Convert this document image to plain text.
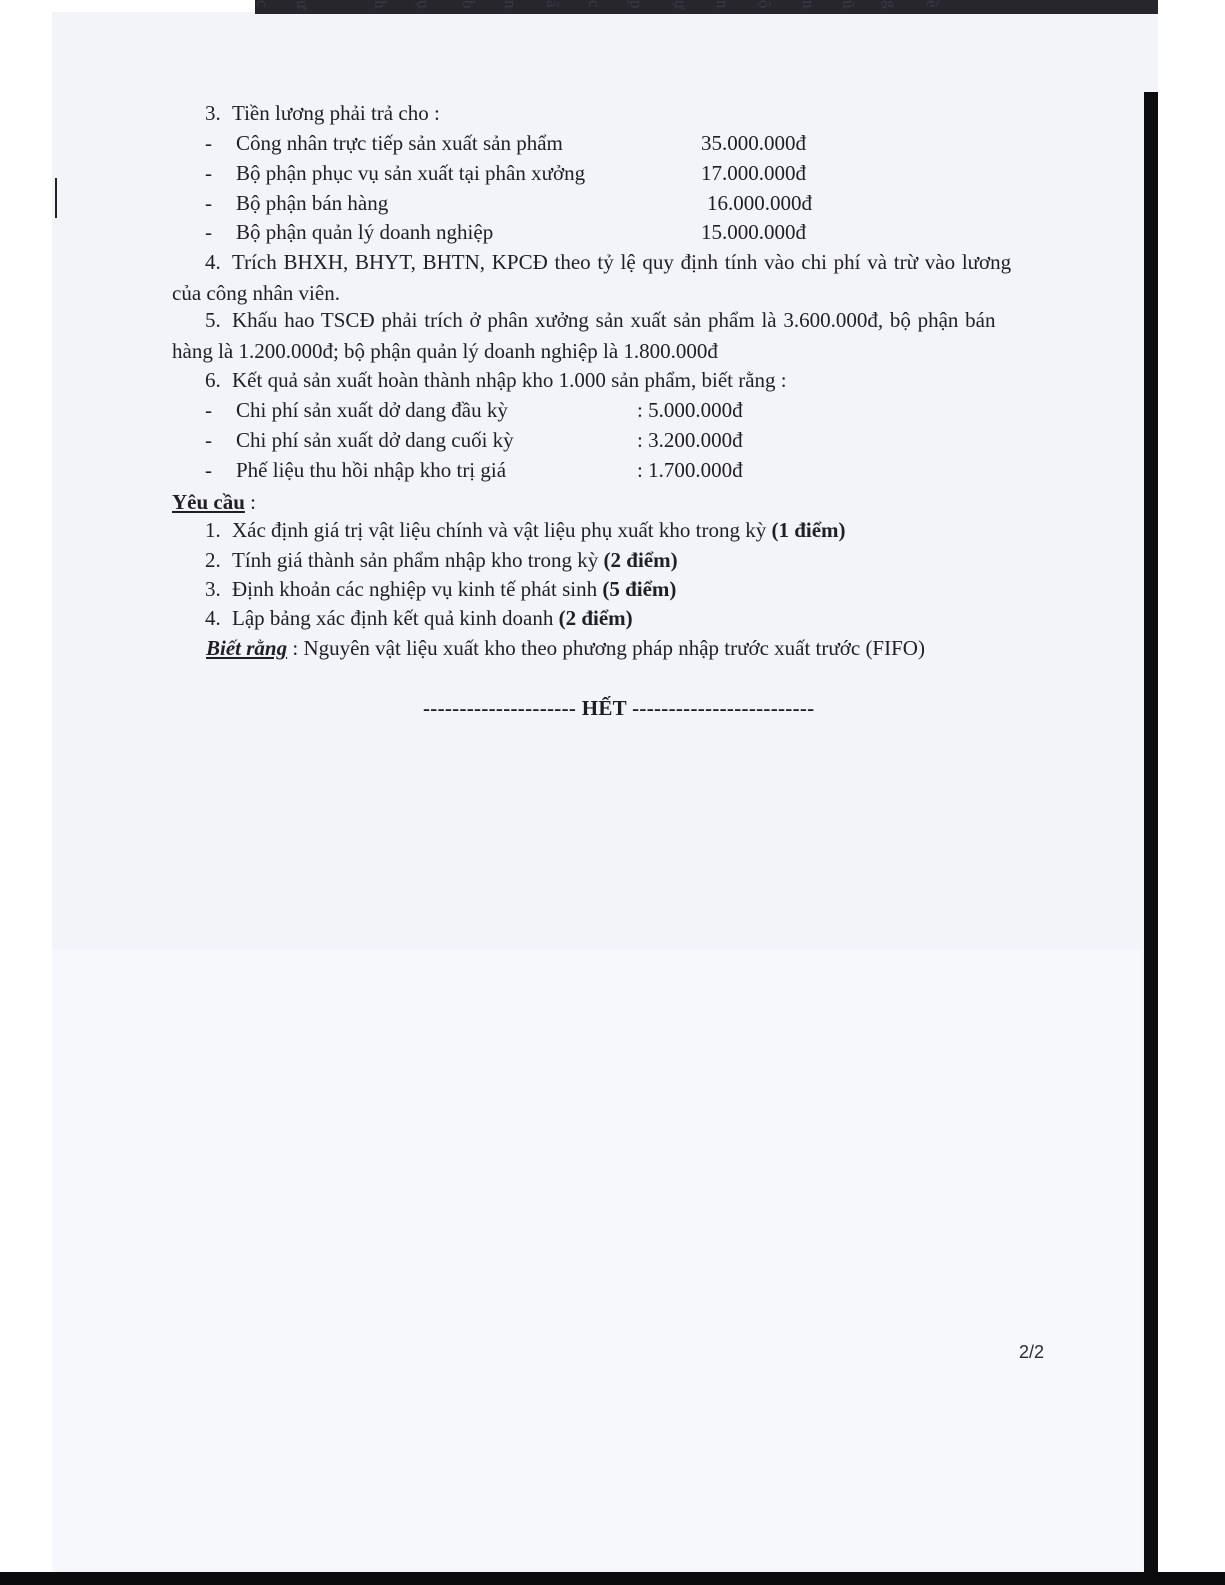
c ư	h ụ b n ẩ c p ự n ộ n ũ g ề
3. Tiền lương phải trả cho :
- Công nhân trực tiếp sản xuất sản phẩm	35.000.000đ
- Bộ phận phục vụ sản xuất tại phân xưởng	17.000.000đ
- Bộ phận bán hàng	16.000.000đ
- Bộ phận quản lý doanh nghiệp	15.000.000đ
4. Trích BHXH, BHYT, BHTN, KPCĐ theo tỷ lệ quy định tính vào chi phí và trừ vào lương
của công nhân viên.
5. Khấu hao TSCĐ phải trích ở phân xưởng sản xuất sản phẩm là 3.600.000đ, bộ phận bán
hàng là 1.200.000đ; bộ phận quản lý doanh nghiệp là 1.800.000đ
6. Kết quả sản xuất hoàn thành nhập kho 1.000 sản phẩm, biết rằng :
- Chi phí sản xuất dở dang đầu kỳ	: 5.000.000đ
- Chi phí sản xuất dở dang cuối kỳ	: 3.200.000đ
- Phế liệu thu hồi nhập kho trị giá	: 1.700.000đ
Yêu cầu :
1. Xác định giá trị vật liệu chính và vật liệu phụ xuất kho trong kỳ (1 điểm)
2. Tính giá thành sản phẩm nhập kho trong kỳ (2 điểm)
3. Định khoản các nghiệp vụ kinh tế phát sinh (5 điểm)
4. Lập bảng xác định kết quả kinh doanh (2 điểm)
Biết rằng : Nguyên vật liệu xuất kho theo phương pháp nhập trước xuất trước (FIFO)
--------------------- HẾT -------------------------
2/2
